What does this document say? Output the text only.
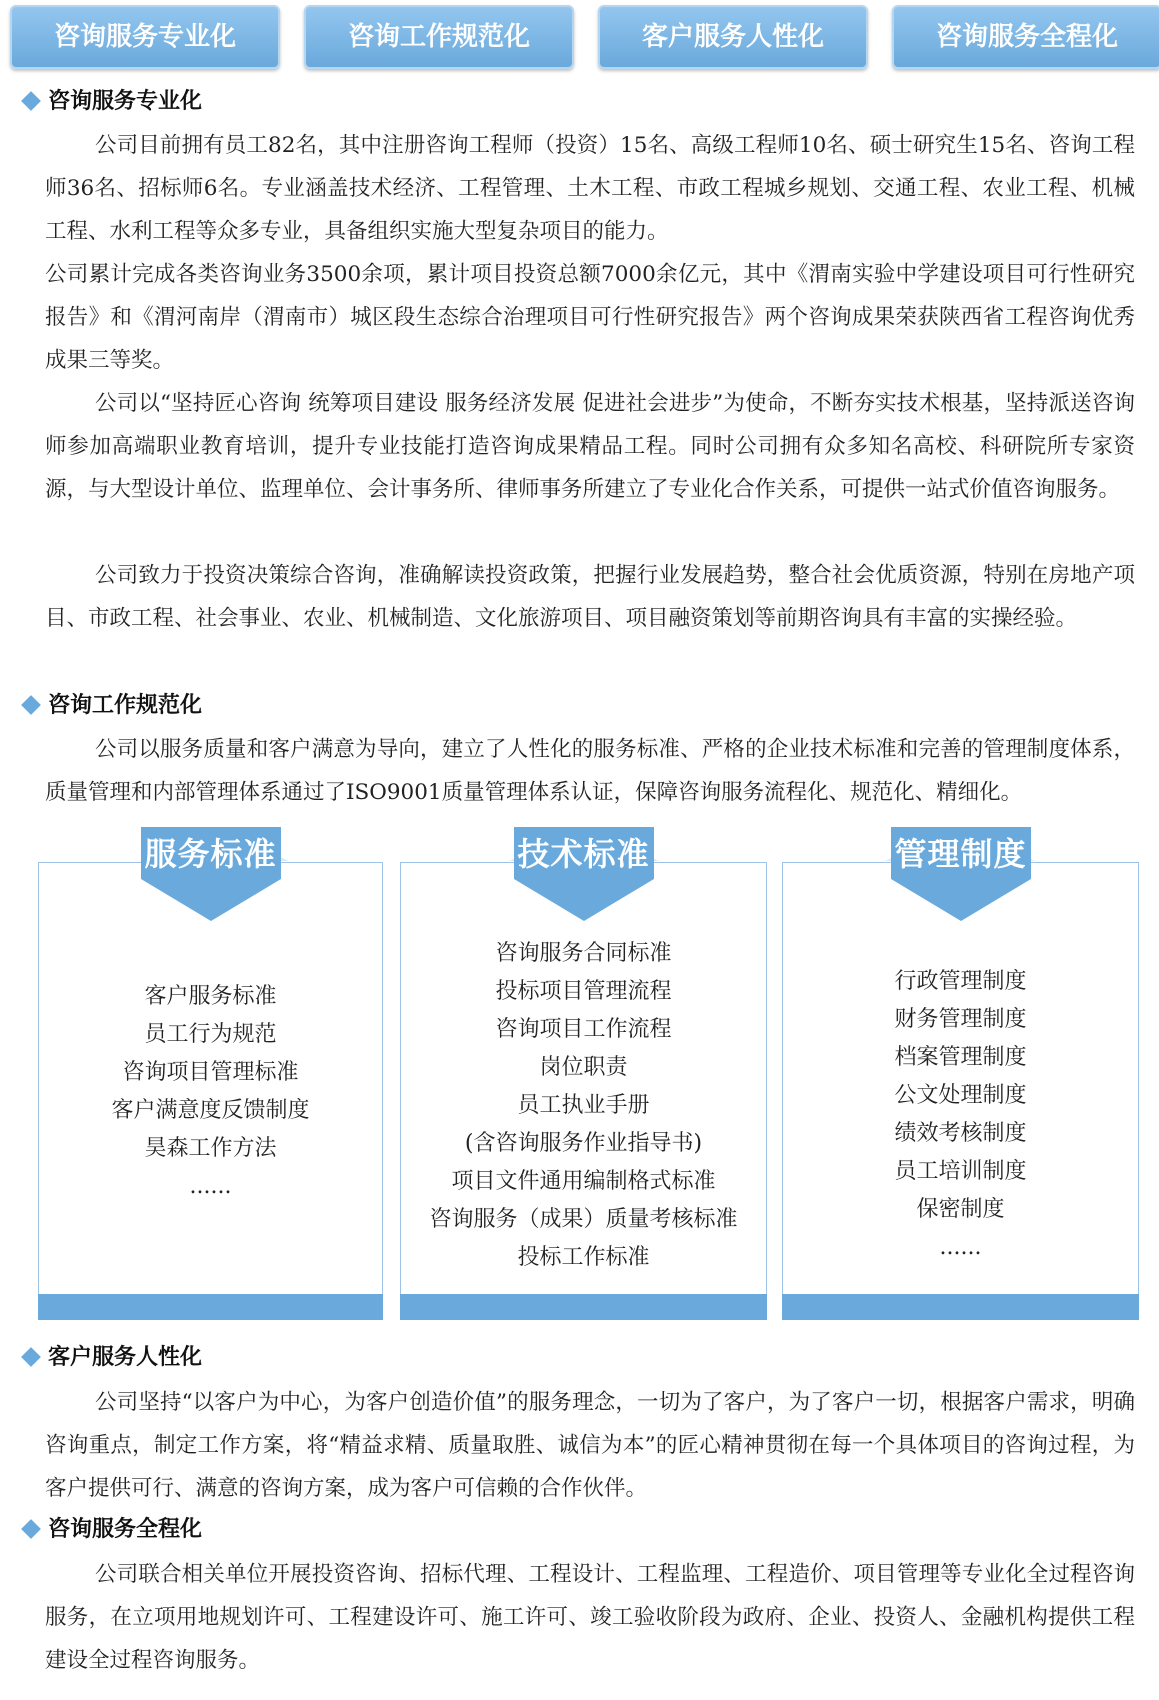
咨询服务专业化	咨询工作规范化	客户服务人性化	咨询服务全程化
咨询服务专业化
公司目前拥有员工82名，其中注册咨询工程师（投资）15名、高级工程师10名、硕士研究生15名、咨询工程师36名、招标师6名。专业涵盖技术经济、工程管理、土木工程、市政工程城乡规划、交通工程、农业工程、机械工程、水利工程等众多专业，具备组织实施大型复杂项目的能力。
公司累计完成各类咨询业务3500余项，累计项目投资总额7000余亿元，其中《渭南实验中学建设项目可行性研究报告》和《渭河南岸（渭南市）城区段生态综合治理项目可行性研究报告》两个咨询成果荣获陕西省工程咨询优秀成果三等奖。
公司以“坚持匠心咨询 统筹项目建设 服务经济发展 促进社会进步”为使命，不断夯实技术根基，坚持派送咨询师参加高端职业教育培训，提升专业技能打造咨询成果精品工程。同时公司拥有众多知名高校、科研院所专家资源，与大型设计单位、监理单位、会计事务所、律师事务所建立了专业化合作关系，可提供一站式价值咨询服务。
公司致力于投资决策综合咨询，准确解读投资政策，把握行业发展趋势，整合社会优质资源，特别在房地产项目、市政工程、社会事业、农业、机械制造、文化旅游项目、项目融资策划等前期咨询具有丰富的实操经验。
咨询工作规范化
公司以服务质量和客户满意为导向，建立了人性化的服务标准、严格的企业技术标准和完善的管理制度体系，质量管理和内部管理体系通过了ISO9001质量管理体系认证，保障咨询服务流程化、规范化、精细化。
服务标准
客户服务标准
员工行为规范
咨询项目管理标准
客户满意度反馈制度
昊森工作方法
......
技术标准
咨询服务合同标准
投标项目管理流程
咨询项目工作流程
岗位职责
员工执业手册
(含咨询服务作业指导书)
项目文件通用编制格式标准
咨询服务（成果）质量考核标准
投标工作标准
管理制度
行政管理制度
财务管理制度
档案管理制度
公文处理制度
绩效考核制度
员工培训制度
保密制度
......
客户服务人性化
公司坚持“以客户为中心，为客户创造价值”的服务理念，一切为了客户，为了客户一切，根据客户需求，明确咨询重点，制定工作方案，将“精益求精、质量取胜、诚信为本”的匠心精神贯彻在每一个具体项目的咨询过程，为客户提供可行、满意的咨询方案，成为客户可信赖的合作伙伴。
咨询服务全程化
公司联合相关单位开展投资咨询、招标代理、工程设计、工程监理、工程造价、项目管理等专业化全过程咨询服务，在立项用地规划许可、工程建设许可、施工许可、竣工验收阶段为政府、企业、投资人、金融机构提供工程建设全过程咨询服务。
